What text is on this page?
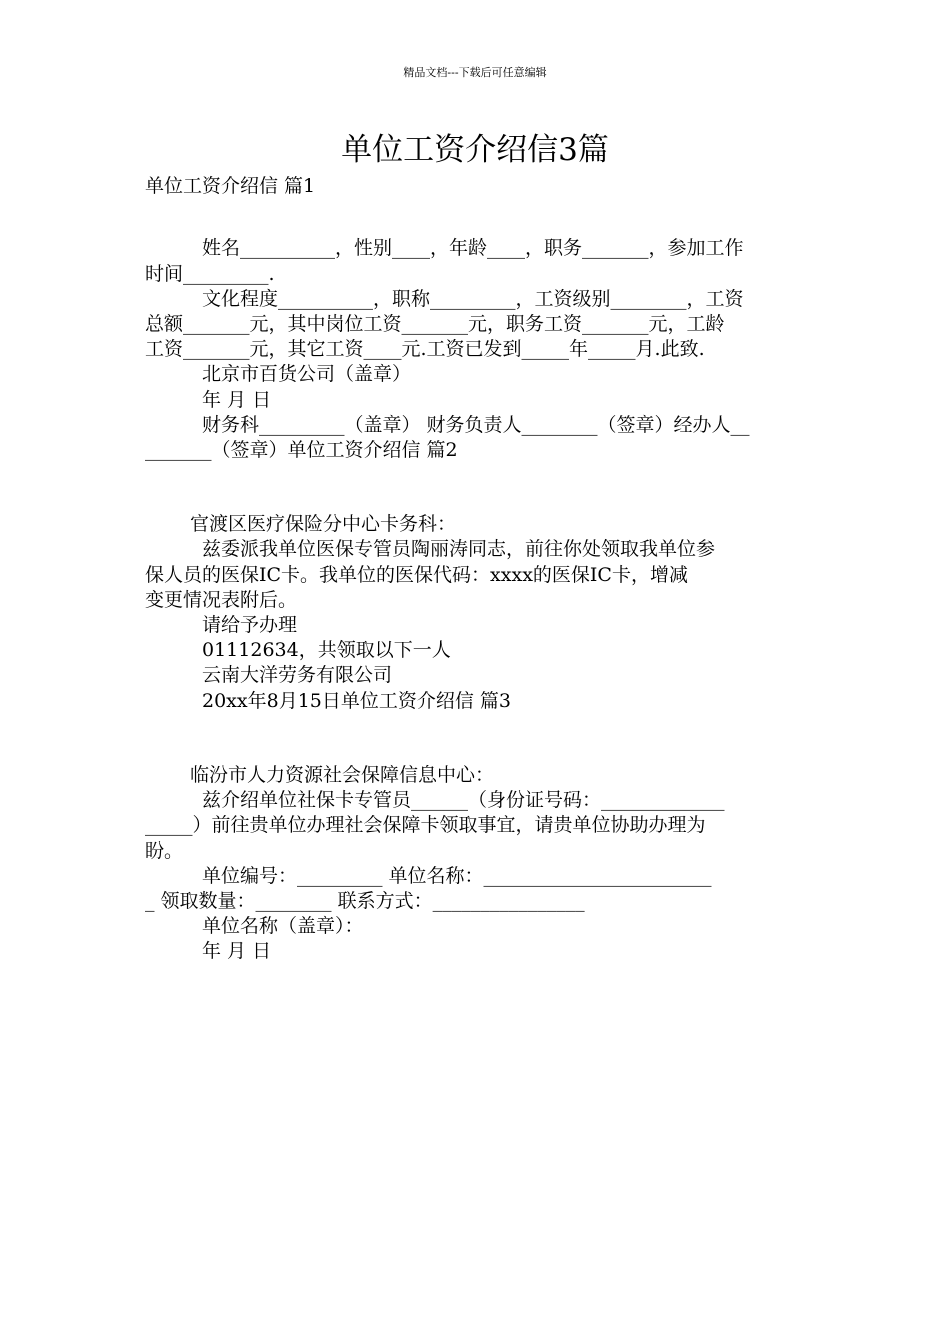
精品文档---下载后可任意编辑
单位工资介绍信3篇
单位工资介绍信 篇1
姓名__________，性别____，年龄____，职务_______，参加工作
时间_________.
文化程度__________，职称_________，工资级别________，工资
总额_______元，其中岗位工资_______元，职务工资_______元，工龄
工资_______元，其它工资____元.工资已发到_____年_____月.此致.
北京市百货公司（盖章）
年 月 日
财务科_________（盖章） 财务负责人________（签章）经办人__
_______（签章）单位工资介绍信 篇2
官渡区医疗保险分中心卡务科：
兹委派我单位医保专管员陶丽涛同志，前往你处领取我单位参
保人员的医保IC卡。我单位的医保代码：xxxx的医保IC卡，增减
变更情况表附后。
请给予办理
01112634，共领取以下一人
云南大洋劳务有限公司
20xx年8月15日单位工资介绍信 篇3
临汾市人力资源社会保障信息中心：
兹介绍单位社保卡专管员______（身份证号码：_____________
_____）前往贵单位办理社会保障卡领取事宜，请贵单位协助办理为
盼。
单位编号：_________ 单位名称：________________________
_ 领取数量：________ 联系方式：________________
单位名称（盖章）：
年 月 日
